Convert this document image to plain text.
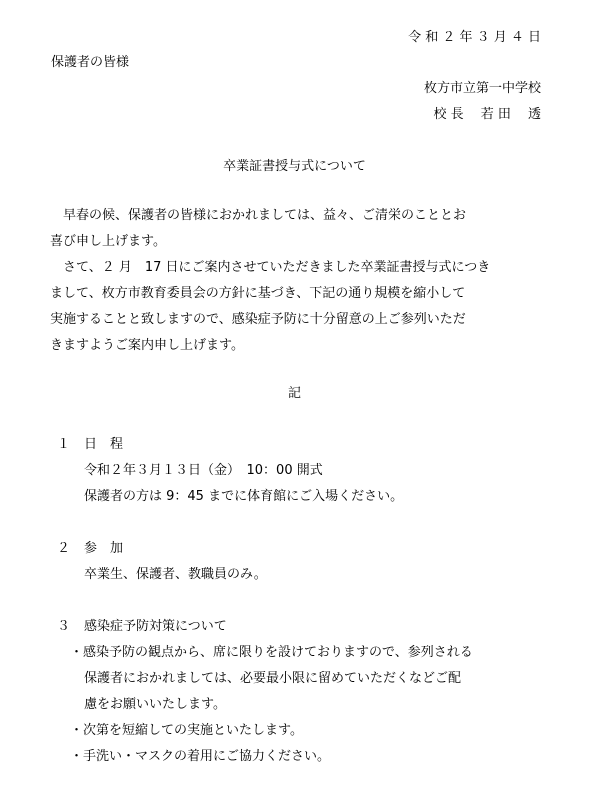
令 和 ２ 年 ３ 月 ４ 日
保護者の皆様
枚方市立第一中学校
校 長　 若 田　 透
卒業証書授与式について
　早春の候、保護者の皆様におかれましては、益々、ご清栄のこととお
喜び申し上げます。
　さて、２ 月　17 日にご案内させていただきました卒業証書授与式につき
まして、枚方市教育委員会の方針に基づき、下記の通り規模を縮小して
実施することと致しますので、感染症予防に十分留意の上ご参列いただ
きますようご案内申し上げます。
記
１ 日　程
令和２年３月１３日（金）　10：00 開式
保護者の方は 9：45 までに体育館にご入場ください。
２ 参　加
卒業生、保護者、教職員のみ。
３ 感染症予防対策について
・感染予防の観点から、席に限りを設けておりますので、参列される
保護者におかれましては、必要最小限に留めていただくなどご配
慮をお願いいたします。
・次第を短縮しての実施といたします。
・手洗い・マスクの着用にご協力ください。
